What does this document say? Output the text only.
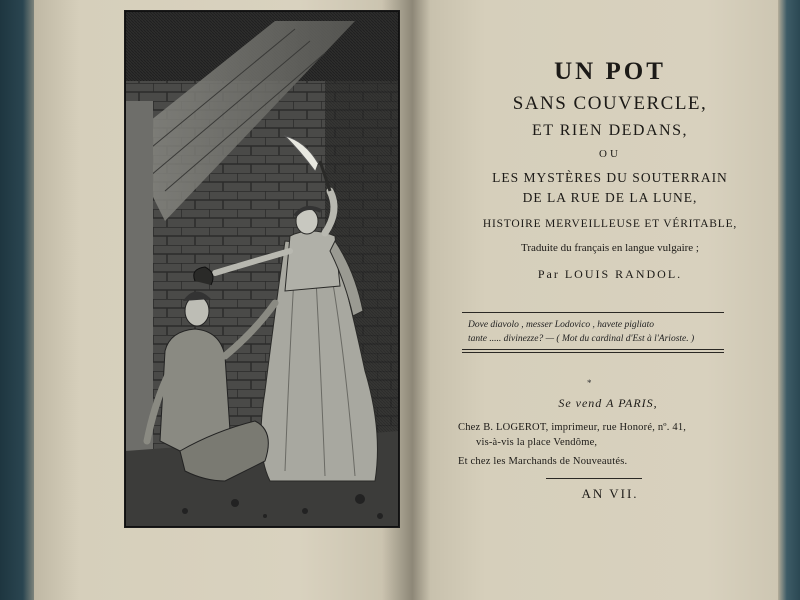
UN POT
SANS COUVERCLE,
ET RIEN DEDANS,
OU
LES MYSTÈRES DU SOUTERRAIN
DE LA RUE DE LA LUNE,
HISTOIRE MERVEILLEUSE ET VÉRITABLE,
Traduite du français en langue vulgaire ;
Par LOUIS RANDOL.
Dove diavolo , messer Lodovico , havete pigliato
tante ..... divinezze? — ( Mot du cardinal d'Est à l'Arioste. )
*
Se vend A PARIS,
Chez B. LOGEROT, imprimeur, rue Honoré, nº. 41,
vis-à-vis la place Vendôme,
Et chez les Marchands de Nouveautés.
AN VII.
